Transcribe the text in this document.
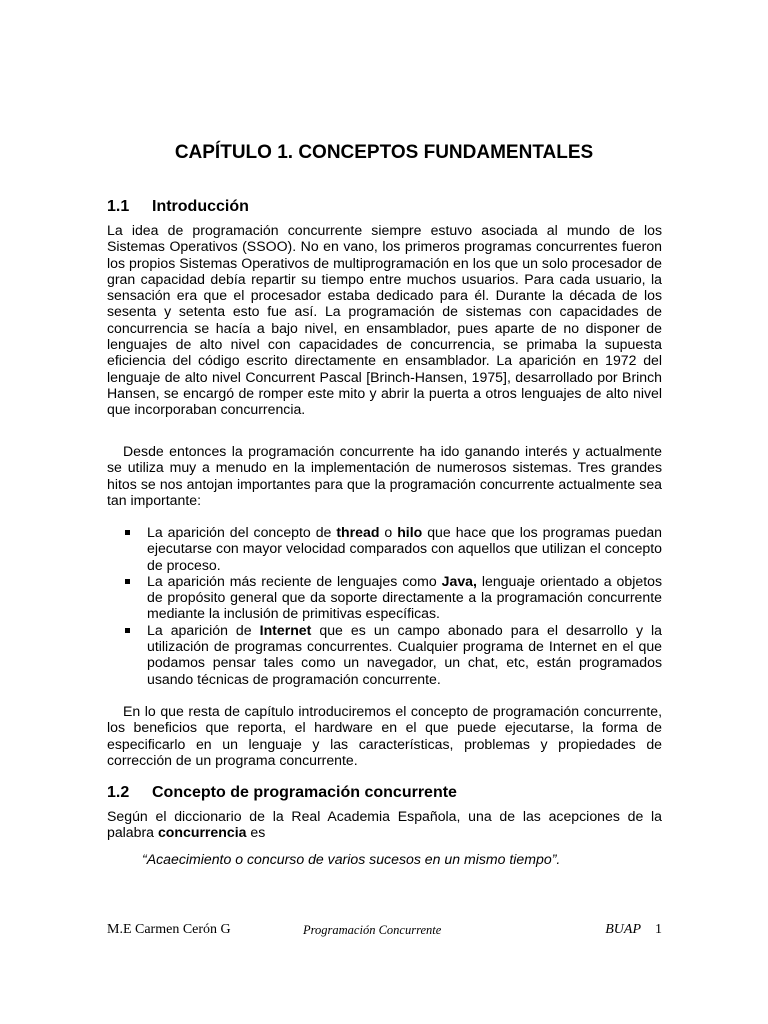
CAPÍTULO 1. CONCEPTOS FUNDAMENTALES
1.1 Introducción

La idea de programación concurrente siempre estuvo asociada al mundo de los Sistemas Operativos (SSOO). No en vano, los primeros programas concurrentes fueron los propios Sistemas Operativos de multiprogramación en los que un solo procesador de gran capacidad debía repartir su tiempo entre muchos usuarios. Para cada usuario, la sensación era que el procesador estaba dedicado para él. Durante la década de los sesenta y setenta esto fue así. La programación de sistemas con capacidades de concurrencia se hacía a bajo nivel, en ensamblador, pues aparte de no disponer de lenguajes de alto nivel con capacidades de concurrencia, se primaba la supuesta eficiencia del código escrito directamente en ensamblador. La aparición en 1972 del lenguaje de alto nivel Concurrent Pascal [Brinch-Hansen, 1975], desarrollado por Brinch Hansen, se encargó de romper este mito y abrir la puerta a otros lenguajes de alto nivel que incorporaban concurrencia.

Desde entonces la programación concurrente ha ido ganando interés y actualmente se utiliza muy a menudo en la implementación de numerosos sistemas. Tres grandes hitos se nos antojan importantes para que la programación concurrente actualmente sea tan importante:

La aparición del concepto de thread o hilo que hace que los programas puedan ejecutarse con mayor velocidad comparados con aquellos que utilizan el concepto de proceso.
La aparición más reciente de lenguajes como Java, lenguaje orientado a objetos de propósito general que da soporte directamente a la programación concurrente mediante la inclusión de primitivas específicas.
La aparición de Internet que es un campo abonado para el desarrollo y la utilización de programas concurrentes. Cualquier programa de Internet en el que podamos pensar tales como un navegador, un chat, etc, están programados usando técnicas de programación concurrente.

En lo que resta de capítulo introduciremos el concepto de programación concurrente, los beneficios que reporta, el hardware en el que puede ejecutarse, la forma de especificarlo en un lenguaje y las características, problemas y propiedades de corrección de un programa concurrente.

1.2 Concepto de programación concurrente

Según el diccionario de la Real Academia Española, una de las acepciones de la palabra concurrencia es

“Acaecimiento o concurso de varios sucesos en un mismo tiempo”.

M.E Carmen Cerón G	Programación Concurrente	BUAP 1
